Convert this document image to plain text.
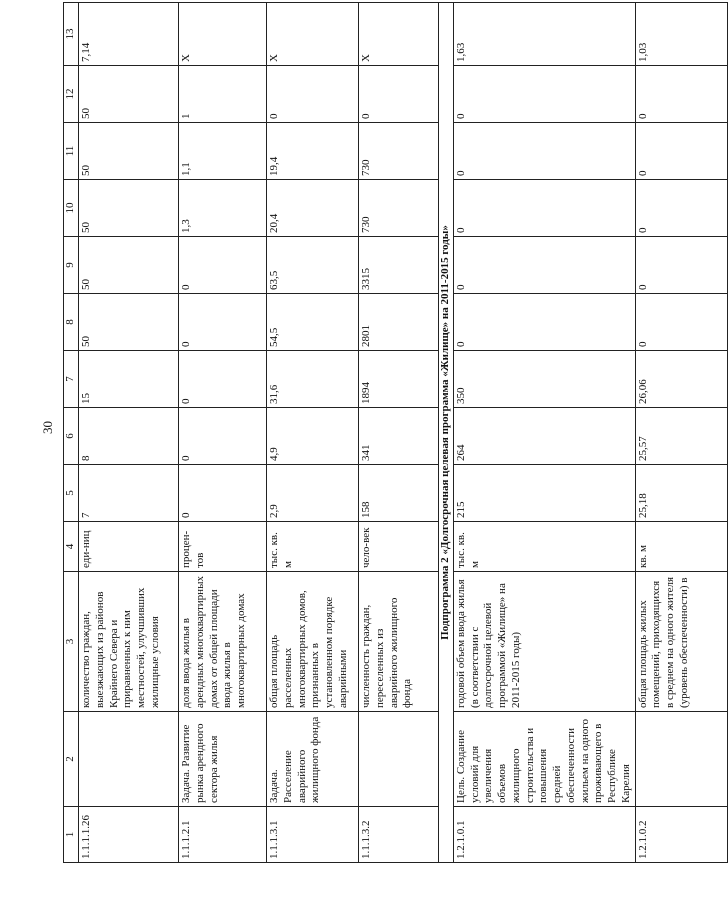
30
1	2	3	4	5	6	7	8	9	10	11	12	13
1.1.1.1.26		количество граждан, выезжающих из районов Крайнего Севера и приравненных к ним местностей, улучшивших жилищные условия	еди-ниц	7	8	15	50	50	50	50	50	7,14
1.1.1.2.1	Задача. Развитие рынка арендного сектора жилья	доля ввода жилья в арендных многоквартирных домах от общей площади ввода жилья в многоквартирных домах	процен-тов	0	0	0	0	0	1,3	1,1	1	X
1.1.1.3.1	Задача. Расселение аварийного жилищного фонда	общая площадь расселенных многоквартирных домов, признанных в установленном порядке аварийными	тыс. кв. м	2,9	4,9	31,6	54,5	63,5	20,4	19,4	0	X
1.1.1.3.2		численность граждан, переселенных из аварийного жилищного фонда	чело-век	158	341	1894	2801	3315	730	730	0	X
Подпрограмма 2 «Долгосрочная целевая программа «Жилище» на 2011-2015 годы»												
1.2.1.0.1	Цель. Создание условий для увеличения объемов жилищного строительства и повышения средней обеспеченности жильем на одного проживающего в Республике Карелия	годовой объем ввода жилья (в соответствии с долгосрочной целевой программой «Жилище» на 2011-2015 годы)	тыс. кв. м	215	264	350	0	0	0	0	0	1,63
1.2.1.0.2		общая площадь жилых помещений, приходящихся в среднем на одного жителя (уровень обеспеченности) в	кв. м	25,18	25,57	26,06	0	0	0	0	0	1,03
